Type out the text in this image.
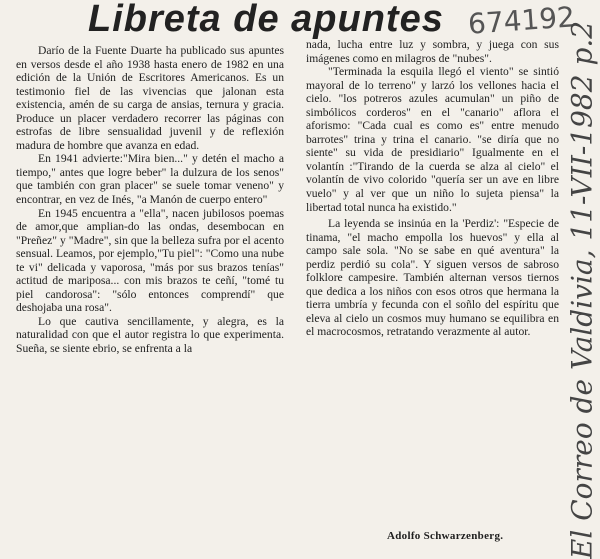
Libreta de apuntes 674192

Darío de la Fuente Duarte ha publicado sus apuntes en versos desde el año 1938 hasta enero de 1982 en una edición de la Unión de Escritores Americanos. Es un testimonio fiel de las vivencias que jalonan esta existencia, amén de su carga de ansias, ternura y gracia. Produce un placer verdadero recorrer las páginas con estrofas de libre sensualidad juvenil y de reflexión madura de hombre que avanza en edad.

En 1941 advierte:"Mira bien..." y detén el macho a tiempo," antes que logre beber" la dulzura de los senos" que también con gran placer" se suele tomar veneno" y encontrar, en vez de Inés, "a Manón de cuerpo entero"

En 1945 encuentra a "ella", nacen jubilosos poemas de amor,que amplian-do las ondas, desembocan en "Preñez" y "Madre", sin que la belleza sufra por el acento sensual. Leamos, por ejemplo,"Tu piel": "Como una nube te vi" delicada y vaporosa, "más por sus brazos tenías" actitud de mariposa... con mis brazos te ceñí, "tomé tu piel candorosa": "sólo entonces comprendí" que deshojaba una rosa".

Lo que cautiva sencillamente, y alegra, es la naturalidad con que el autor registra lo que experimenta. Sueña, se siente ebrio, se enfrenta a la

nada, lucha entre luz y sombra, y juega con sus imágenes como en milagros de "nubes".

"Terminada la esquila llegó el viento" se sintió mayoral de lo terreno" y larzó los vellones hacia el cielo. "los potreros azules acumulan" un piño de simbólicos corderos" en el "canario" aflora el aforismo: "Cada cual es como es" entre menudo barrotes" trina y trina el canario. "se diría que no siente" su vida de presidiario" Igualmente en el volantín :"Tirando de la cuerda se alza al cielo" el volantín de vivo colorido "quería ser un ave en libre vuelo" y al ver que un niño lo sujeta piensa" la libertad total nunca ha existido."

La leyenda se insinúa en la 'Perdiz': "Especie de tinama, "el macho empolla los huevos" y ella al campo sale sola. "No se sabe en qué aventura" la perdiz perdió su cola". Y siguen versos de sabroso folklore campesire. También alternan versos tiernos que dedica a los niños con esos otros que hermana la tierra umbría y fecunda con el soñlo del espíritu que eleva al cielo un cosmos muy humano se equilibra en el macrocosmos, retratando verazmente al autor.

Adolfo Schwarzenberg. El Correo de Valdivia, 11-VII-1982 p.2
